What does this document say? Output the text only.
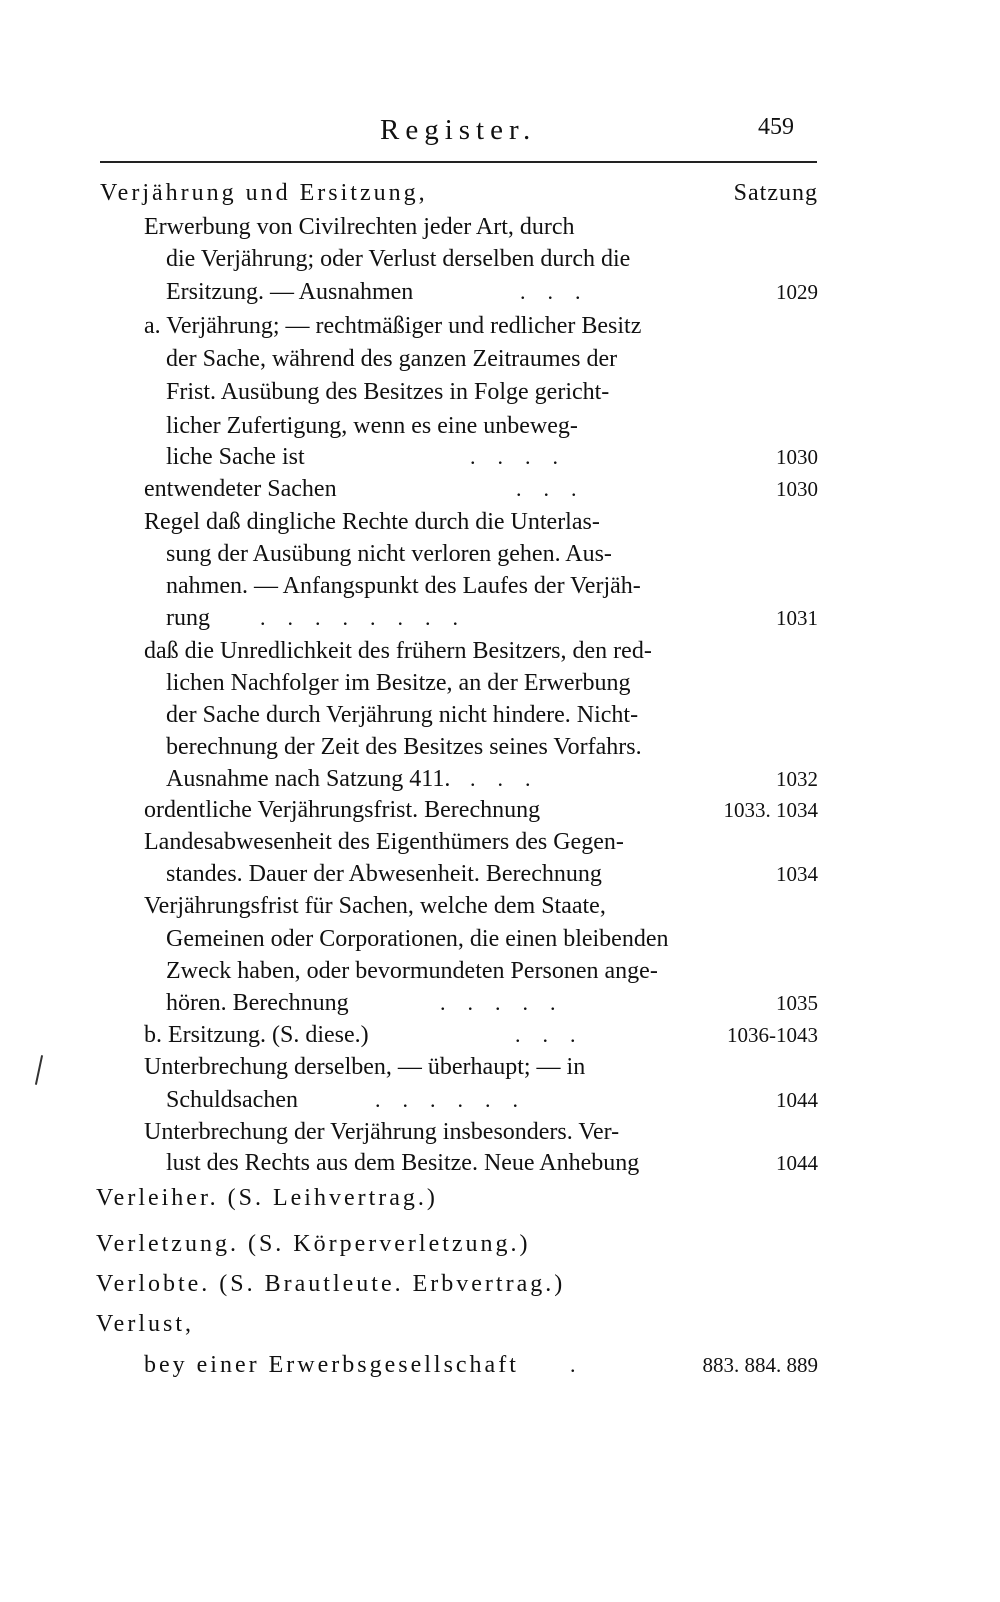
Register.	459
Verjährung und Ersitzung,	Satzung
Erwerbung von Civilrechten jeder Art, durch
die Verjährung; oder Verlust derselben durch die
Ersitzung. — Ausnahmen	...	1029
a. Verjährung; — rechtmäßiger und redlicher Besitz
der Sache, während des ganzen Zeitraumes der
Frist. Ausübung des Besitzes in Folge gericht-
licher Zufertigung, wenn es eine unbeweg-
liche Sache ist	....	1030
entwendeter Sachen	...	1030
Regel daß dingliche Rechte durch die Unterlas-
sung der Ausübung nicht verloren gehen. Aus-
nahmen. — Anfangspunkt des Laufes der Verjäh-
rung ........	1031
daß die Unredlichkeit des frühern Besitzers, den red-
lichen Nachfolger im Besitze, an der Erwerbung
der Sache durch Verjährung nicht hindere. Nicht-
berechnung der Zeit des Besitzes seines Vorfahrs.
Ausnahme nach Satzung 411. ...	1032
ordentliche Verjährungsfrist. Berechnung	1033. 1034
Landesabwesenheit des Eigenthümers des Gegen-
standes. Dauer der Abwesenheit. Berechnung	1034
Verjährungsfrist für Sachen, welche dem Staate,
Gemeinen oder Corporationen, die einen bleibenden
Zweck haben, oder bevormundeten Personen ange-
hören. Berechnung	.....	1035
b. Ersitzung. (S. diese.)	...	1036-1043
Unterbrechung derselben, — überhaupt; — in
Schuldsachen	......	1044
Unterbrechung der Verjährung insbesonders. Ver-
lust des Rechts aus dem Besitze. Neue Anhebung	1044
Verleiher. (S. Leihvertrag.)
Verletzung. (S. Körperverletzung.)
Verlobte. (S. Brautleute. Erbvertrag.)
Verlust,
bey einer Erwerbsgesellschaft .	883. 884. 889
